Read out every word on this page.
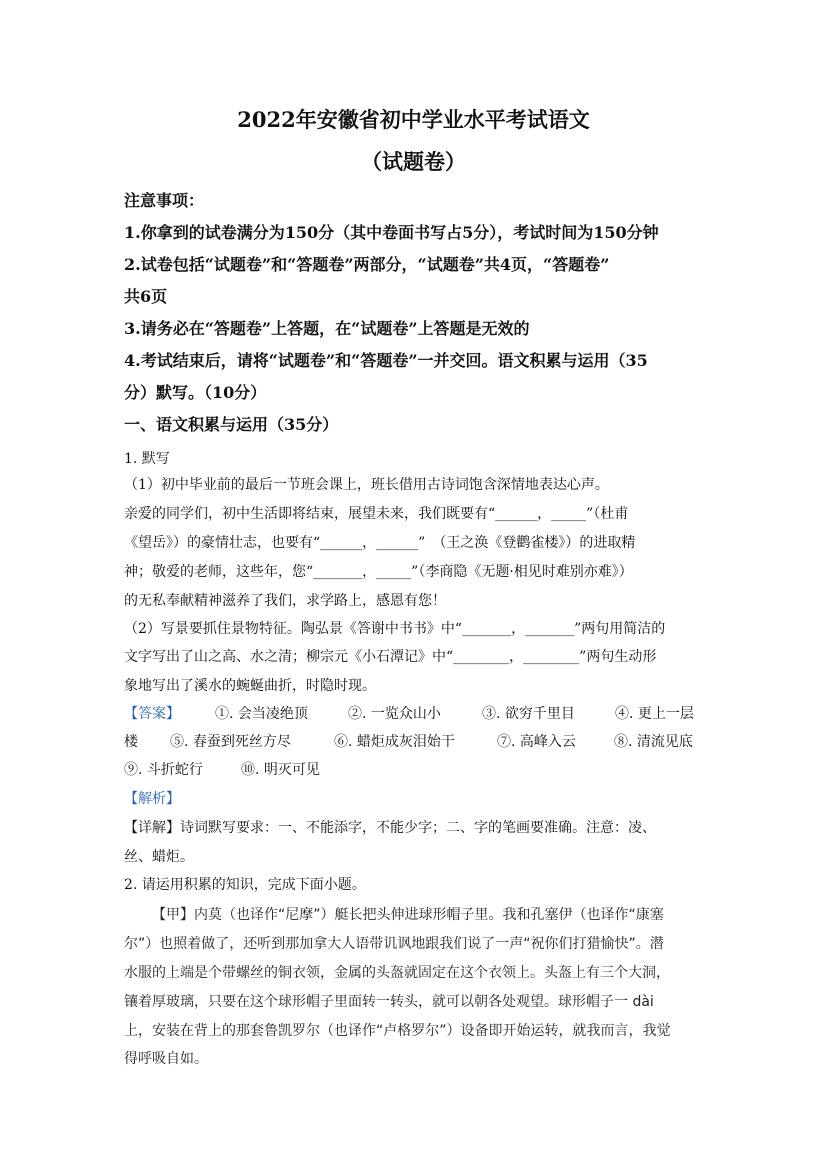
2022年安徽省初中学业水平考试语文
（试题卷）
注意事项：
1.你拿到的试卷满分为150分（其中卷面书写占5分），考试时间为150分钟
2.试卷包括“试题卷”和“答题卷”两部分，“试题卷”共4页，“答题卷”
共6页
3.请务必在“答题卷”上答题，在“试题卷”上答题是无效的
4.考试结束后，请将“试题卷”和“答题卷”一并交回。语文积累与运用（35
分）默写。（10分）
一、语文积累与运用（35分）
1. 默写
（1）初中毕业前的最后一节班会课上，班长借用古诗词饱含深情地表达心声。
亲爱的同学们，初中生活即将结束，展望未来，我们既要有“______，_____”（杜甫
《望岳》）的豪情壮志，也要有“______，______”　（王之涣《登鹳雀楼》）的进取精
神；敬爱的老师，这些年，您“_______，_____”（李商隐《无题·相见时难别亦难》）
的无私奉献精神滋养了我们，求学路上，感恩有您！
（2）写景要抓住景物特征。陶弘景《答谢中书书》中“_______，_______”两句用简洁的
文字写出了山之高、水之清；柳宗元《小石潭记》中“________，________”两句生动形
象地写出了溪水的蜿蜒曲折，时隐时现。
【答案】	①. 会当凌绝顶	②. 一览众山小	③. 欲穷千里目	④. 更上一层
楼 ⑤. 春蚕到死丝方尽	⑥. 蜡炬成灰泪始干	⑦. 高峰入云	⑧. 清流见底
⑨. 斗折蛇行	⑩. 明灭可见
【解析】
【详解】诗词默写要求：一、不能添字，不能少字；二、字的笔画要准确。注意：凌、
丝、蜡炬。
2. 请运用积累的知识，完成下面小题。
【甲】内莫（也译作“尼摩”）艇长把头伸进球形帽子里。我和孔塞伊（也译作“康塞
尔”）也照着做了，还听到那加拿大人语带讥讽地跟我们说了一声“祝你们打猎愉快”。潜
水服的上端是个带螺丝的铜衣领，金属的头盔就固定在这个衣领上。头盔上有三个大洞，
镶着厚玻璃，只要在这个球形帽子里面转一转头，就可以朝各处观望。球形帽子一 dài
上，安装在背上的那套鲁凯罗尔（也译作“卢格罗尔”）设备即开始运转，就我而言，我觉
得呼吸自如。
